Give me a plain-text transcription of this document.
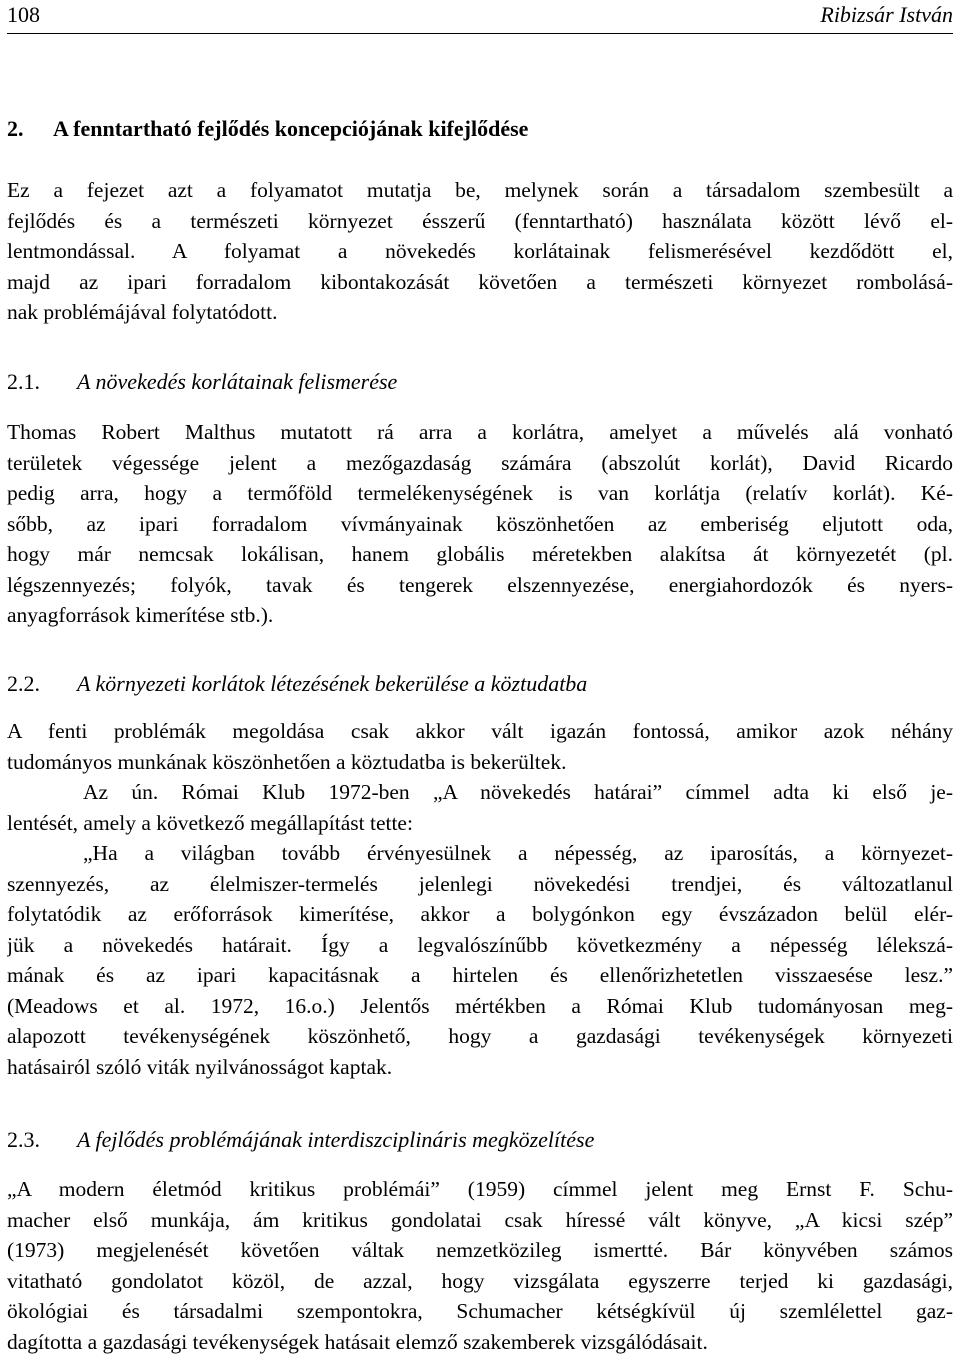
108	Ribizsár István
2. A fenntartható fejlődés koncepciójának kifejlődése
Ez a fejezet azt a folyamatot mutatja be, melynek során a társadalom szembesült a
fejlődés és a természeti környezet ésszerű (fenntartható) használata között lévő el-
lentmondással. A folyamat a növekedés korlátainak felismerésével kezdődött el,
majd az ipari forradalom kibontakozását követően a természeti környezet rombolásá-
nak problémájával folytatódott.
2.1. A növekedés korlátainak felismerése
Thomas Robert Malthus mutatott rá arra a korlátra, amelyet a művelés alá vonható
területek végessége jelent a mezőgazdaság számára (abszolút korlát), David Ricardo
pedig arra, hogy a termőföld termelékenységének is van korlátja (relatív korlát). Ké-
sőbb, az ipari forradalom vívmányainak köszönhetően az emberiség eljutott oda,
hogy már nemcsak lokálisan, hanem globális méretekben alakítsa át környezetét (pl.
légszennyezés; folyók, tavak és tengerek elszennyezése, energiahordozók és nyers-
anyagforrások kimerítése stb.).
2.2. A környezeti korlátok létezésének bekerülése a köztudatba
A fenti problémák megoldása csak akkor vált igazán fontossá, amikor azok néhány
tudományos munkának köszönhetően a köztudatba is bekerültek.
Az ún. Római Klub 1972-ben „A növekedés határai” címmel adta ki első je-
lentését, amely a következő megállapítást tette:
„Ha a világban tovább érvényesülnek a népesség, az iparosítás, a környezet-
szennyezés, az élelmiszer-termelés jelenlegi növekedési trendjei, és változatlanul
folytatódik az erőforrások kimerítése, akkor a bolygónkon egy évszázadon belül elér-
jük a növekedés határait. Így a legvalószínűbb következmény a népesség lélekszá-
mának és az ipari kapacitásnak a hirtelen és ellenőrizhetetlen visszaesése lesz.”
(Meadows et al. 1972, 16.o.) Jelentős mértékben a Római Klub tudományosan meg-
alapozott tevékenységének köszönhető, hogy a gazdasági tevékenységek környezeti
hatásairól szóló viták nyilvánosságot kaptak.
2.3. A fejlődés problémájának interdiszciplináris megközelítése
„A modern életmód kritikus problémái” (1959) címmel jelent meg Ernst F. Schu-
macher első munkája, ám kritikus gondolatai csak híressé vált könyve, „A kicsi szép”
(1973) megjelenését követően váltak nemzetközileg ismertté. Bár könyvében számos
vitatható gondolatot közöl, de azzal, hogy vizsgálata egyszerre terjed ki gazdasági,
ökológiai és társadalmi szempontokra, Schumacher kétségkívül új szemlélettel gaz-
dagította a gazdasági tevékenységek hatásait elemző szakemberek vizsgálódásait.
